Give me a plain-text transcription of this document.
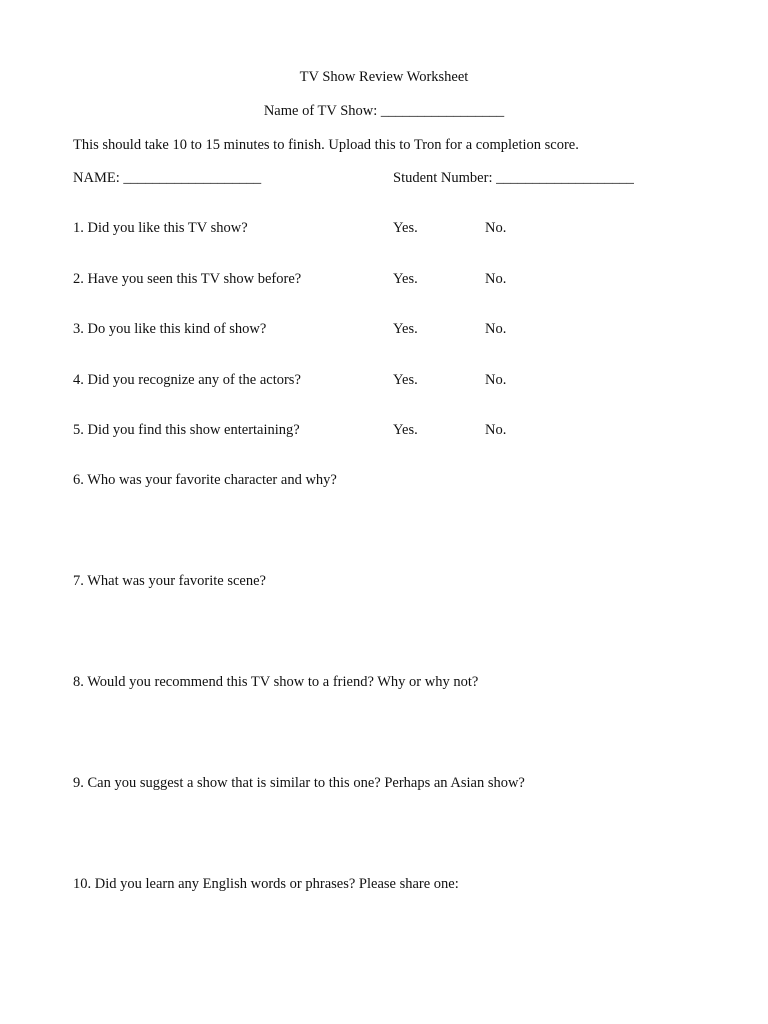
TV Show Review Worksheet
Name of TV Show: _________________
This should take 10 to 15 minutes to finish. Upload this to Tron for a completion score.
NAME: ___________________	Student Number: ___________________
1. Did you like this TV show?	Yes.	No.
2. Have you seen this TV show before?	Yes.	No.
3. Do you like this kind of show?	Yes.	No.
4. Did you recognize any of the actors?	Yes.	No.
5. Did you find this show entertaining?	Yes.	No.
6. Who was your favorite character and why?
7. What was your favorite scene?
8. Would you recommend this TV show to a friend? Why or why not?
9. Can you suggest a show that is similar to this one? Perhaps an Asian show?
10. Did you learn any English words or phrases? Please share one:
